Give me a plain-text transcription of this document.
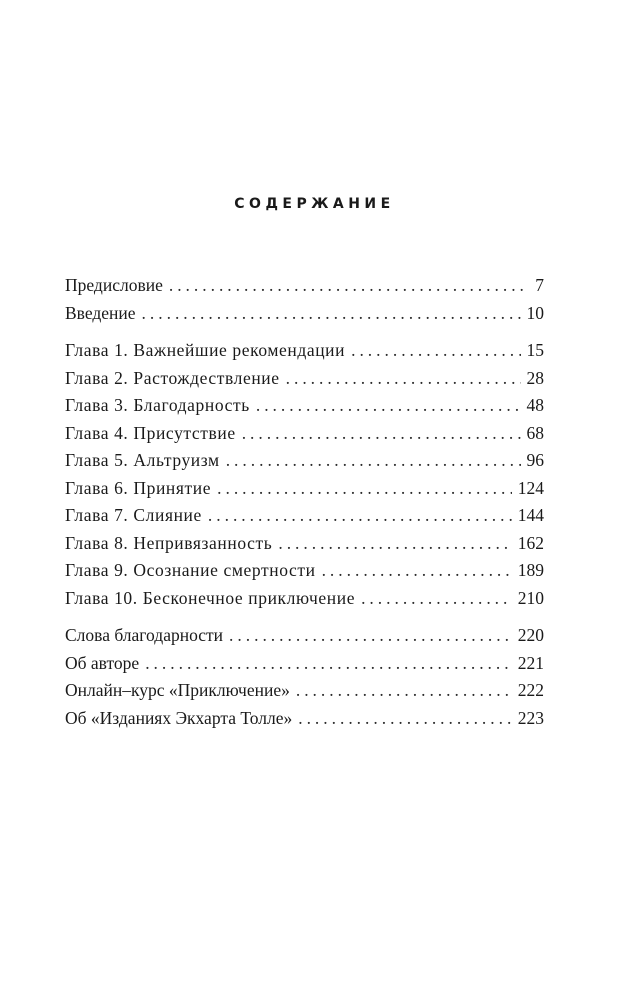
СОДЕРЖАНИЕ
Предисловие . . .	7
Введение . . .	10
Глава 1. Важнейшие рекомендации . . .	15
Глава 2. Растождествление . . .	28
Глава 3. Благодарность . . .	48
Глава 4. Присутствие . . .	68
Глава 5. Альтруизм . . .	96
Глава 6. Принятие . . .	124
Глава 7. Слияние . . .	144
Глава 8. Непривязанность . . .	162
Глава 9. Осознание смертности . . .	189
Глава 10. Бесконечное приключение . . .	210
Слова благодарности . . .	220
Об авторе . . .	221
Онлайн–курс «Приключение» . . .	222
Об «Изданиях Экхарта Толле» . . .	223
